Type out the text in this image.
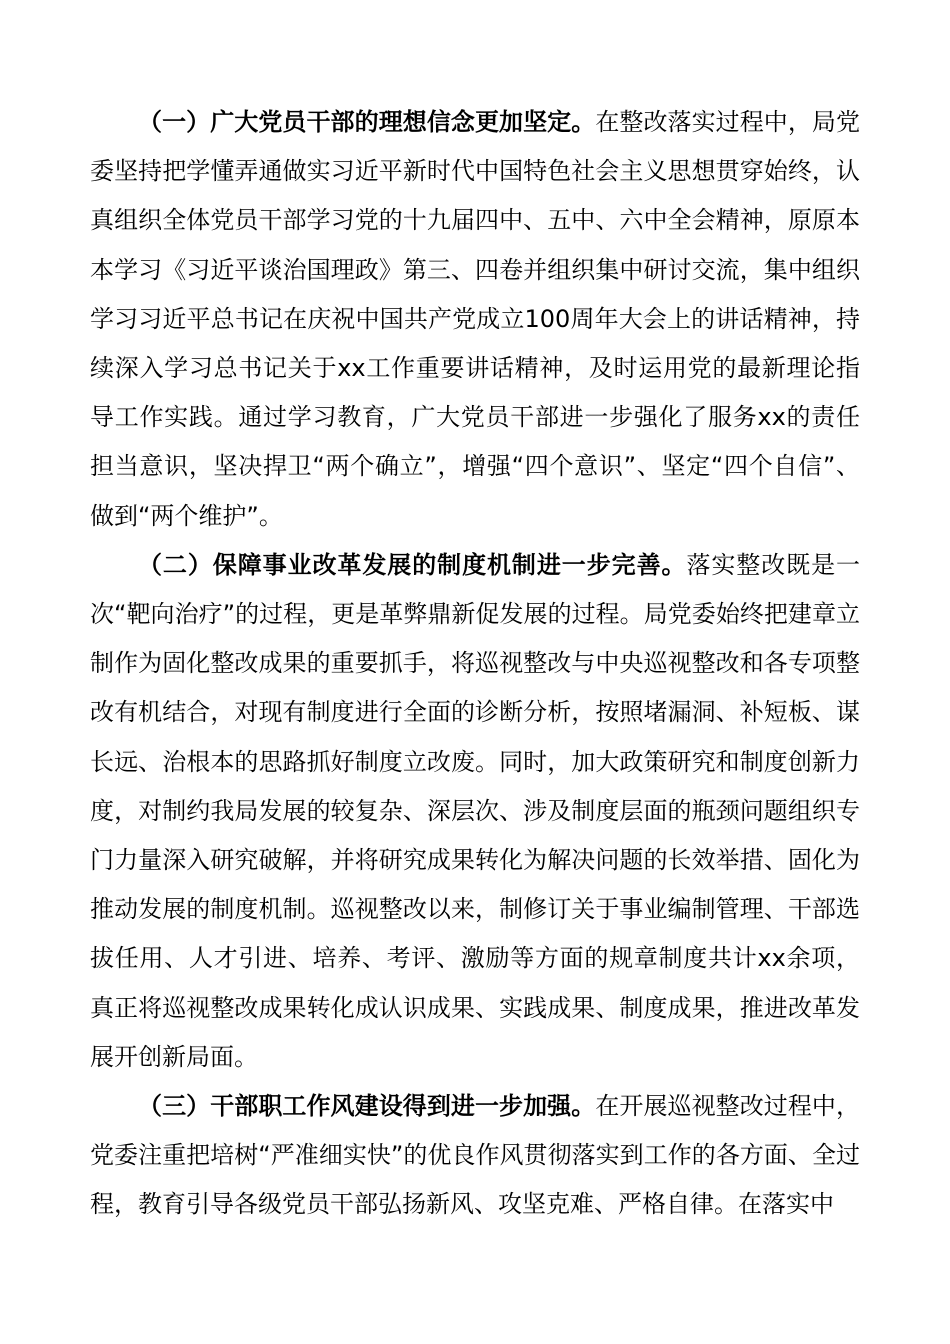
（一）广大党员干部的理想信念更加坚定。在整改落实过程中，局党委坚持把学懂弄通做实习近平新时代中国特色社会主义思想贯穿始终，认真组织全体党员干部学习党的十九届四中、五中、六中全会精神，原原本本学习《习近平谈治国理政》第三、四卷并组织集中研讨交流，集中组织学习习近平总书记在庆祝中国共产党成立100周年大会上的讲话精神，持续深入学习总书记关于xx工作重要讲话精神，及时运用党的最新理论指导工作实践。通过学习教育，广大党员干部进一步强化了服务xx的责任担当意识，坚决捍卫“两个确立”，增强“四个意识”、坚定“四个自信”、做到“两个维护”。

（二）保障事业改革发展的制度机制进一步完善。落实整改既是一次“靶向治疗”的过程，更是革弊鼎新促发展的过程。局党委始终把建章立制作为固化整改成果的重要抓手，将巡视整改与中央巡视整改和各专项整改有机结合，对现有制度进行全面的诊断分析，按照堵漏洞、补短板、谋长远、治根本的思路抓好制度立改废。同时，加大政策研究和制度创新力度，对制约我局发展的较复杂、深层次、涉及制度层面的瓶颈问题组织专门力量深入研究破解，并将研究成果转化为解决问题的长效举措、固化为推动发展的制度机制。巡视整改以来，制修订关于事业编制管理、干部选拔任用、人才引进、培养、考评、激励等方面的规章制度共计xx余项，真正将巡视整改成果转化成认识成果、实践成果、制度成果，推进改革发展开创新局面。

（三）干部职工作风建设得到进一步加强。在开展巡视整改过程中，党委注重把培树“严准细实快”的优良作风贯彻落实到工作的各方面、全过程，教育引导各级党员干部弘扬新风、攻坚克难、严格自律。在落实中
